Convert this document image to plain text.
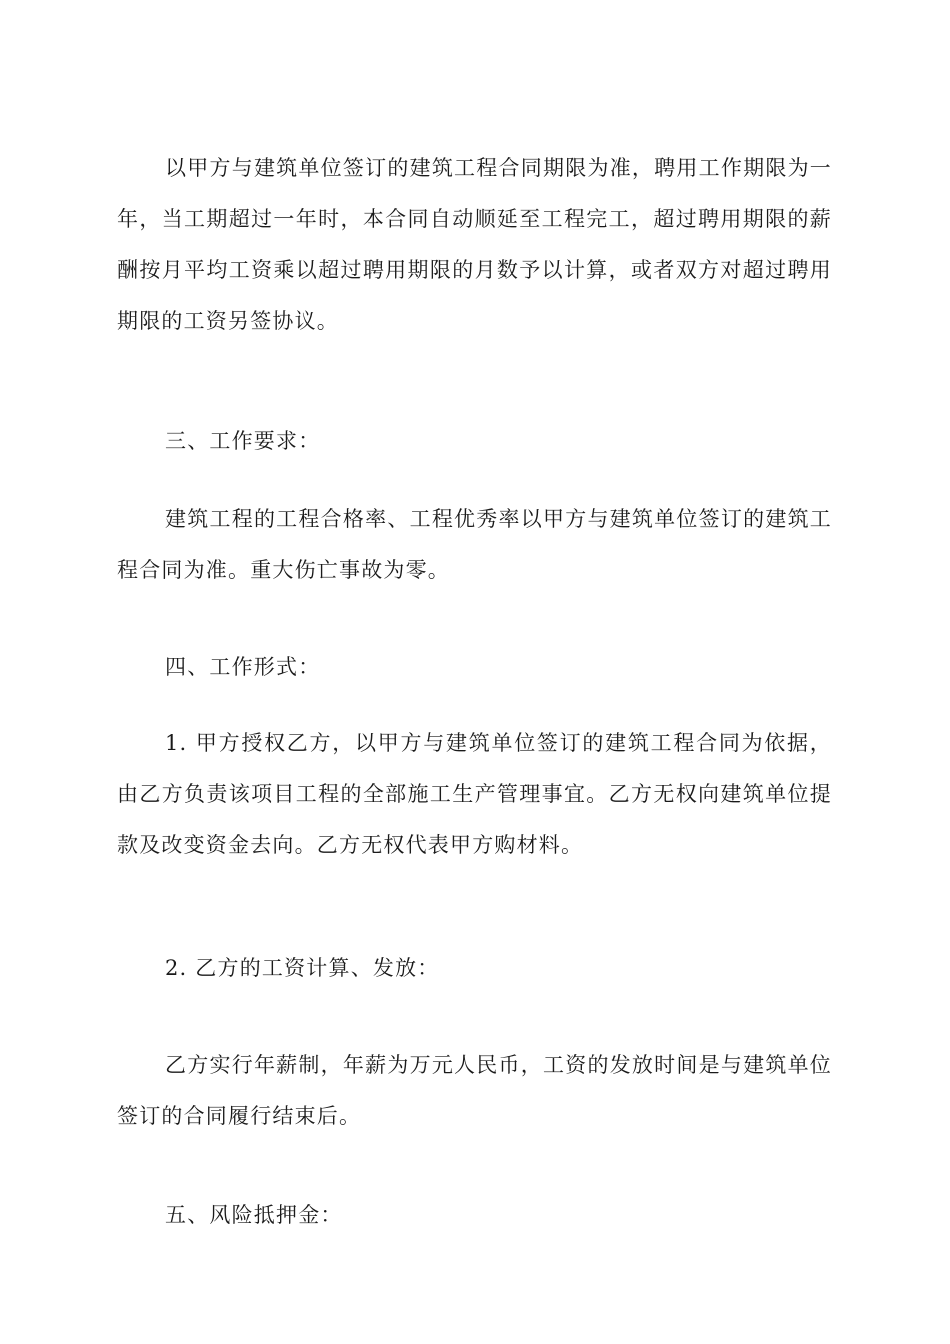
以甲方与建筑单位签订的建筑工程合同期限为准，聘用工作期限为一年，当工期超过一年时，本合同自动顺延至工程完工，超过聘用期限的薪酬按月平均工资乘以超过聘用期限的月数予以计算，或者双方对超过聘用期限的工资另签协议。

三、工作要求：

建筑工程的工程合格率、工程优秀率以甲方与建筑单位签订的建筑工程合同为准。重大伤亡事故为零。

四、工作形式：

1. 甲方授权乙方，以甲方与建筑单位签订的建筑工程合同为依据，由乙方负责该项目工程的全部施工生产管理事宜。乙方无权向建筑单位提款及改变资金去向。乙方无权代表甲方购材料。

2. 乙方的工资计算、发放：

乙方实行年薪制，年薪为万元人民币，工资的发放时间是与建筑单位签订的合同履行结束后。

五、风险抵押金：
